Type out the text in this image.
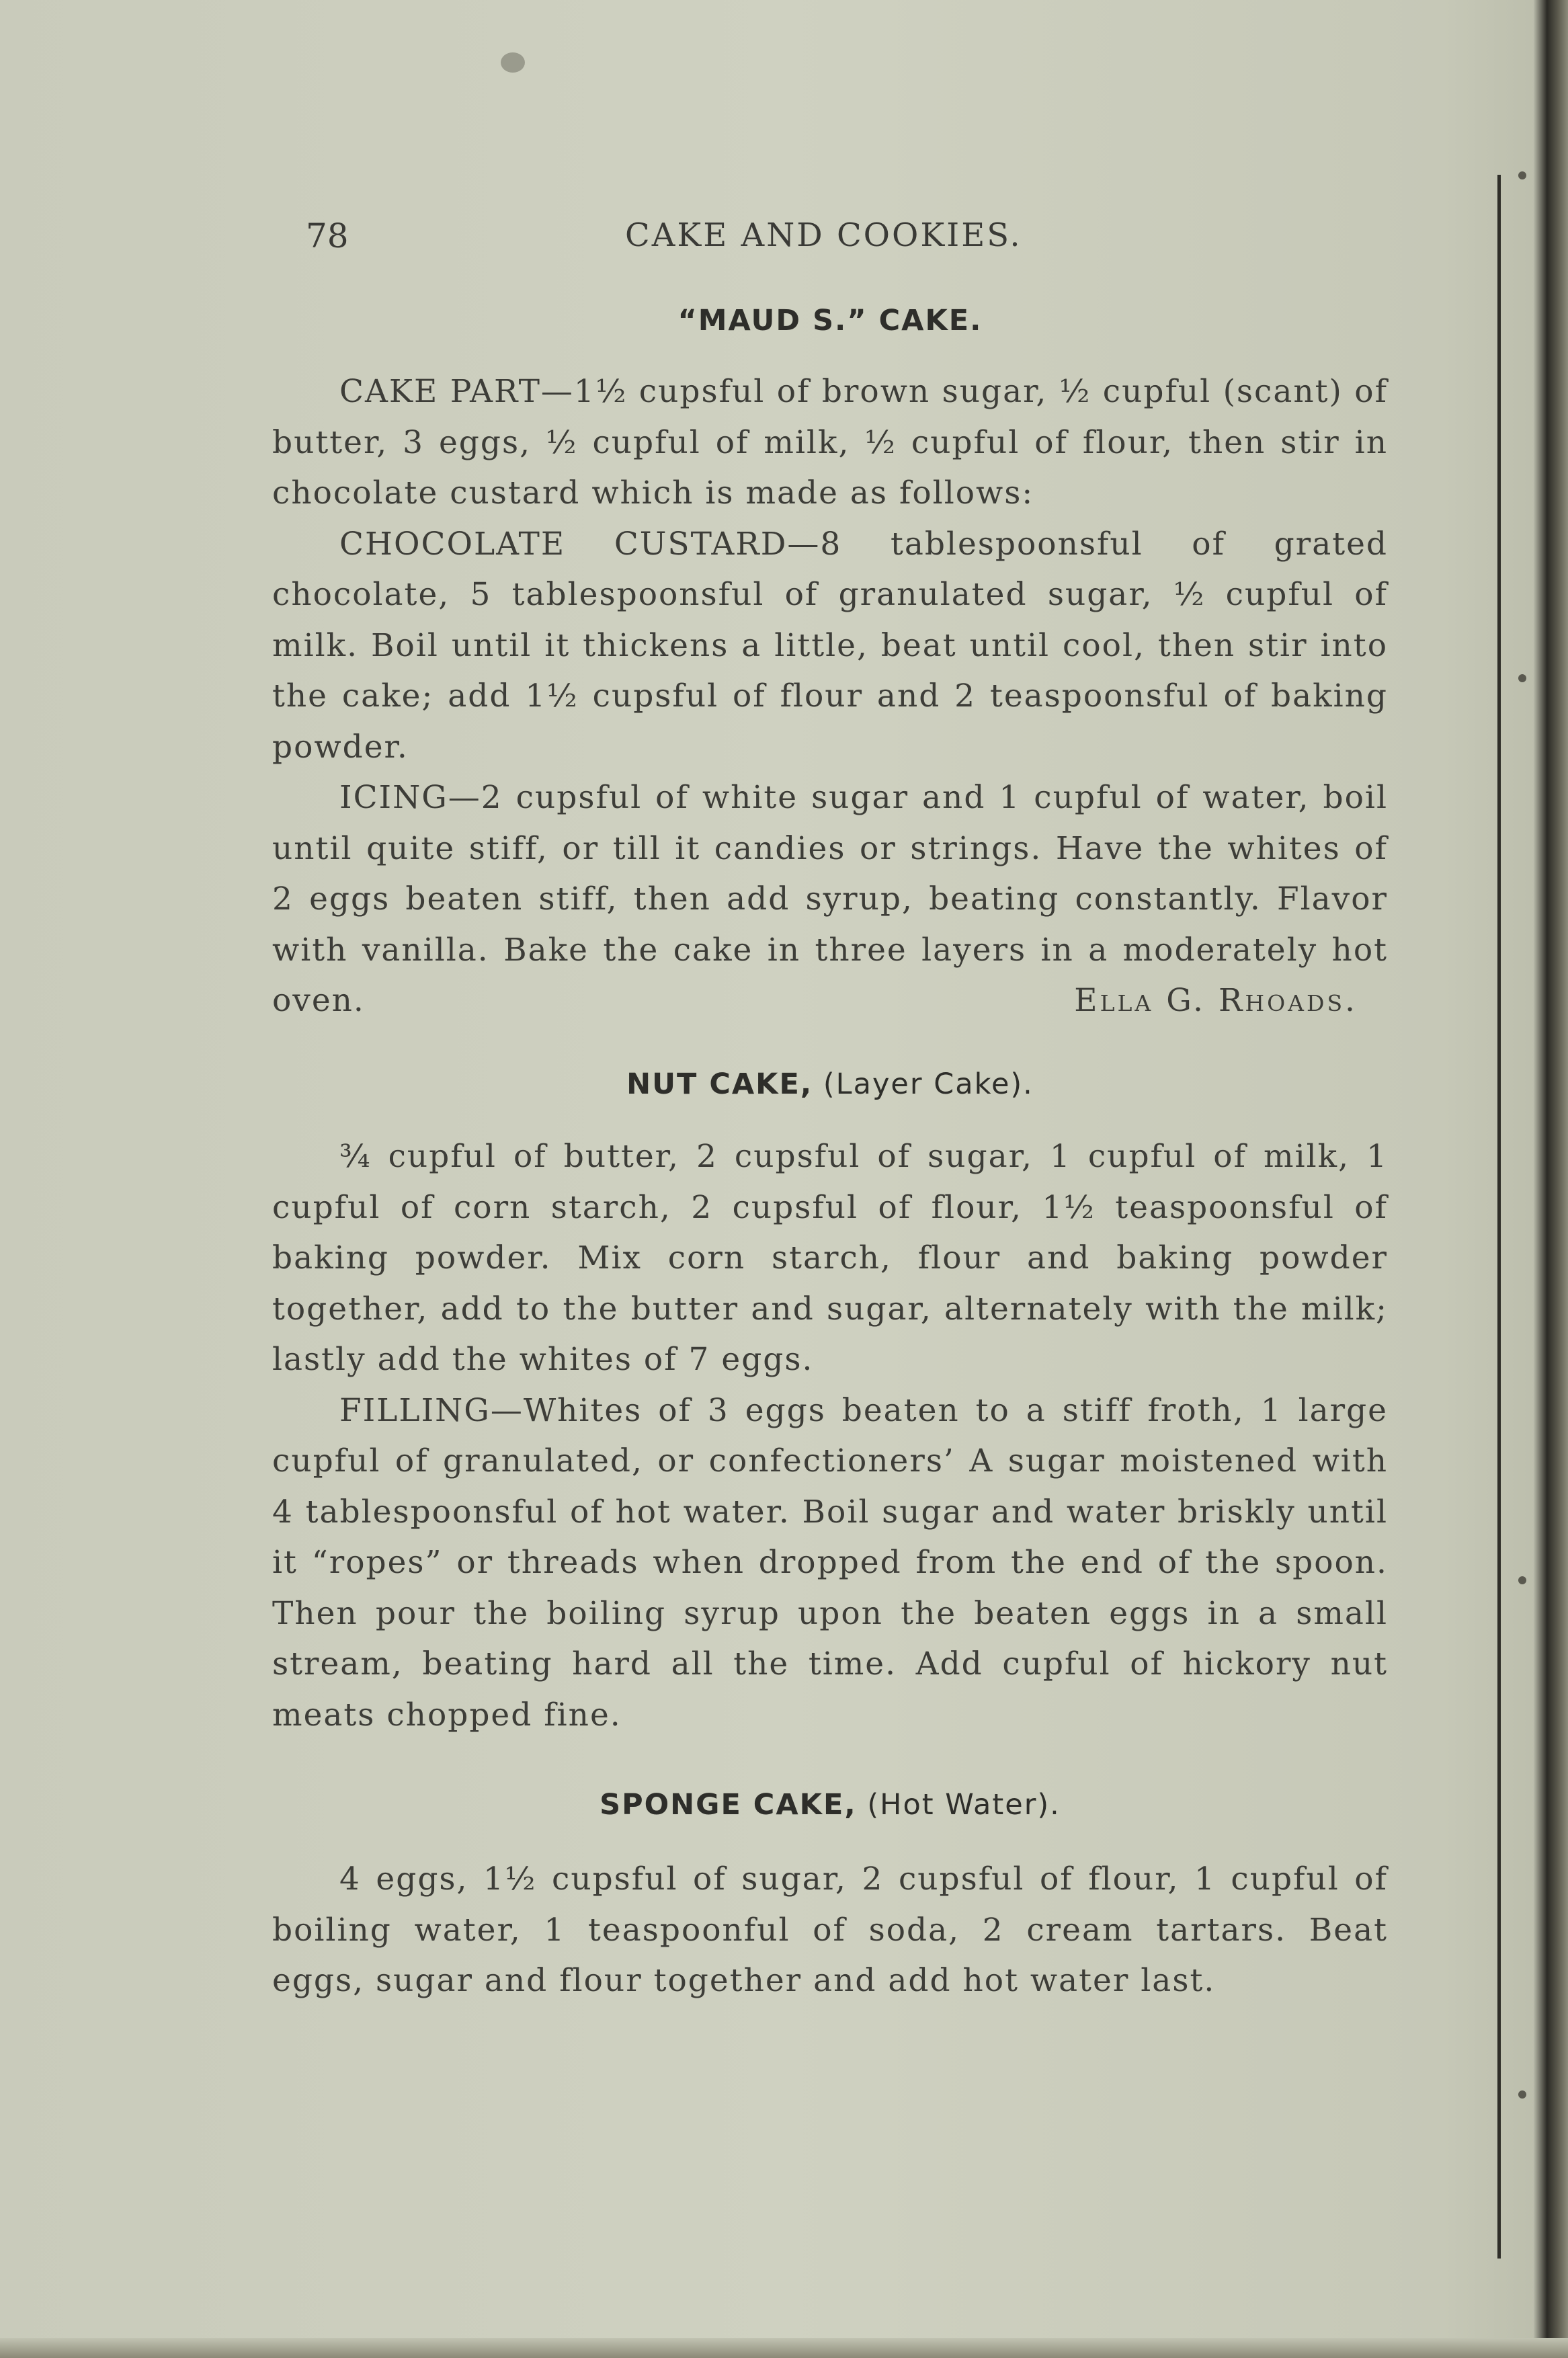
78	CAKE AND COOKIES.
“MAUD S.” CAKE.

CAKE PART—1½ cupsful of brown sugar, ½ cupful (scant) of butter, 3 eggs, ½ cupful of milk, ½ cupful of flour, then stir in chocolate custard which is made as follows:

CHOCOLATE CUSTARD—8 tablespoonsful of grated chocolate, 5 tablespoonsful of granulated sugar, ½ cupful of milk. Boil until it thickens a little, beat until cool, then stir into the cake; add 1½ cupsful of flour and 2 teaspoonsful of baking powder.

ICING—2 cupsful of white sugar and 1 cupful of water, boil until quite stiff, or till it candies or strings. Have the whites of 2 eggs beaten stiff, then add syrup, beating constantly. Flavor with vanilla. Bake the cake in three layers in a moderately hot oven.	Ella G. Rhoads.

NUT CAKE, (Layer Cake).

¾ cupful of butter, 2 cupsful of sugar, 1 cupful of milk, 1 cupful of corn starch, 2 cupsful of flour, 1½ teaspoonsful of baking powder. Mix corn starch, flour and baking powder together, add to the butter and sugar, alternately with the milk; lastly add the whites of 7 eggs.

FILLING—Whites of 3 eggs beaten to a stiff froth, 1 large cupful of granulated, or confectioners’ A sugar moistened with 4 tablespoonsful of hot water. Boil sugar and water briskly until it “ropes” or threads when dropped from the end of the spoon. Then pour the boiling syrup upon the beaten eggs in a small stream, beating hard all the time. Add cupful of hickory nut meats chopped fine.

SPONGE CAKE, (Hot Water).

4 eggs, 1½ cupsful of sugar, 2 cupsful of flour, 1 cupful of boiling water, 1 teaspoonful of soda, 2 cream tartars. Beat eggs, sugar and flour together and add hot water last.
